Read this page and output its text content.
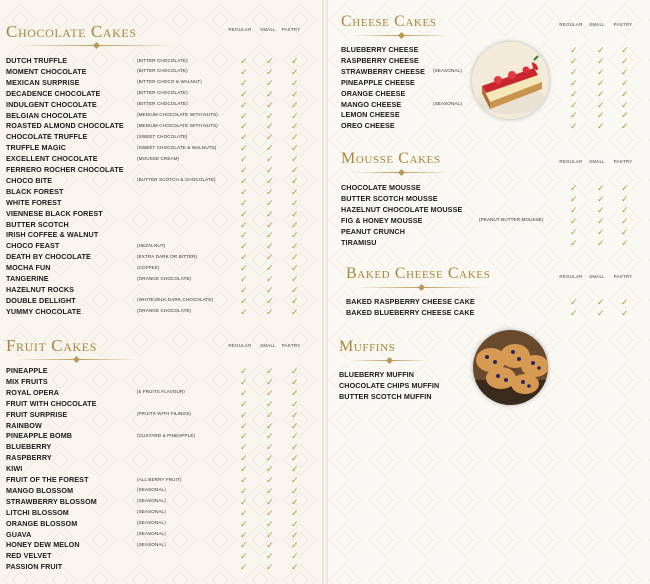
Chocolate Cakes	REGULAR SMALL PASTRY
DUTCH TRUFFLE	(BITTER CHOCOLATE)	✓ ✓ ✓
MOMENT CHOCOLATE	(BITTER CHOCOLATE)	✓ ✓ ✓
MEXICAN SURPRISE	(BITTER CHOCO & WALNUT)	✓ ✓ ✓
DECADENCE CHOCOLATE	(BITTER CHOCOLATE)	✓ ✓ ✓
INDULGENT CHOCOLATE	(BITTER CHOCOLATE)	✓ ✓ ✓
BELGIAN CHOCOLATE	(MEDIUM CHOCOLATE WITH NUTS) ✓ ✓ ✓
ROASTED ALMOND CHOCOLATE	(MEDIUM CHOCOLATE WITH NUTS) ✓ ✓ ✓
CHOCOLATE TRUFFLE	(SWEET CHOCOLATE)	✓ ✓ ✓
TRUFFLE MAGIC	(SWEET CHOCOLATE & WALNUTS)	✓ ✓ ✓
EXCELLENT CHOCOLATE	(MOUSSE CREAM)	✓ ✓ ✓
FERRERO ROCHER CHOCOLATE	✓ ✓ ✓
CHOCO BITE	(BUTTER SCOTCH & CHOCOLATE)	✓ ✓ ✓
BLACK FOREST	✓ ✓ ✓
WHITE FOREST	✓ ✓ ✓
VIENNESE BLACK FOREST	✓ ✓ ✓
BUTTER SCOTCH	✓ ✓ ✓
IRISH COFFEE & WALNUT	✓ ✓ ✓
CHOCO FEAST	(HEZALNUT)	✓ ✓ ✓
DEATH BY CHOCOLATE	(EXTRA DARK OR BITTER)	✓ ✓ ✓
MOCHA FUN	(COFFEE)	✓ ✓ ✓
TANGERINE	(ORANGE CHOCOLATE)	✓ ✓ ✓
HAZELNUT ROCKS	✓ ✓ ✓
DOUBLE DELLIGHT	(WHITE,MILK,DARK,CHOCOLATE)	✓ ✓ ✓
YUMMY CHOCOLATE	(ORANGE CHOCOLATE)	✓ ✓ ✓
Fruit Cakes	REGULAR SMALL PASTRY
PINEAPPLE	✓ ✓ ✓
MIX FRUITS	✓ ✓ ✓
ROYAL OPERA	(5 FRUITS FLAVOUR)	✓ ✓ ✓
FRUIT WITH CHOCOLATE	✓ ✓ ✓
FRUIT SURPRISE	(FRUITS WITH FILINGS)	✓ ✓ ✓
RAINBOW	✓ ✓ ✓
PINEAPPLE BOMB	(CUSTARD & PINEAPPLE)	✓ ✓ ✓
BLUEBERRY	✓ ✓ ✓
RASPBERRY	✓ ✓ ✓
KIWI	✓ ✓ ✓
FRUIT OF THE FOREST	(ALL BERRY FRUIT)	✓ ✓ ✓
MANGO BLOSSOM	(SEASONAL)	✓ ✓ ✓
STRAWBERRY BLOSSOM	(SEASONAL)	✓ ✓ ✓
LITCHI BLOSSOM	(SEASONAL)	✓ ✓ ✓
ORANGE BLOSSOM	(SEASONAL)	✓ ✓ ✓
GUAVA	(SEASONAL)	✓ ✓ ✓
HONEY DEW MELON	(SEASONAL)	✓ ✓ ✓
RED VELVET	✓ ✓ ✓
PASSION FRUIT	✓ ✓ ✓
Cheese Cakes	REGULAR SMALL PASTRY
BLUEBERRY CHEESE	✓ ✓ ✓
RASPBERRY CHEESE	✓ ✓ ✓
STRAWBERRY CHEESE (SEASONAL)	✓ ✓ ✓
PINEAPPLE CHEESE	✓ ✓ ✓
ORANGE CHEESE	✓ ✓ ✓
MANGO CHEESE	(SEASONAL)	✓ ✓ ✓
LEMON CHEESE	✓ ✓ ✓
OREO CHEESE	✓ ✓ ✓
Mousse Cakes	REGULAR SMALL PASTRY
CHOCOLATE MOUSSE	✓ ✓ ✓
BUTTER SCOTCH MOUSSE	✓ ✓ ✓
HAZELNUT CHOCOLATE MOUSSE	✓ ✓ ✓
FIG & HONEY MOUSSE	(PEANUT BUTTER MOUSSE)	✓ ✓ ✓
PEANUT CRUNCH	✓ ✓ ✓
TIRAMISU	✓ ✓ ✓
Baked Cheese Cakes	REGULAR SMALL PASTRY
BAKED RASPBERRY CHEESE CAKE	✓ ✓ ✓
BAKED BLUEBERRY CHEESE CAKE	✓ ✓ ✓
Muffins
BLUEBERRY MUFFIN
CHOCOLATE CHIPS MUFFIN
BUTTER SCOTCH MUFFIN
